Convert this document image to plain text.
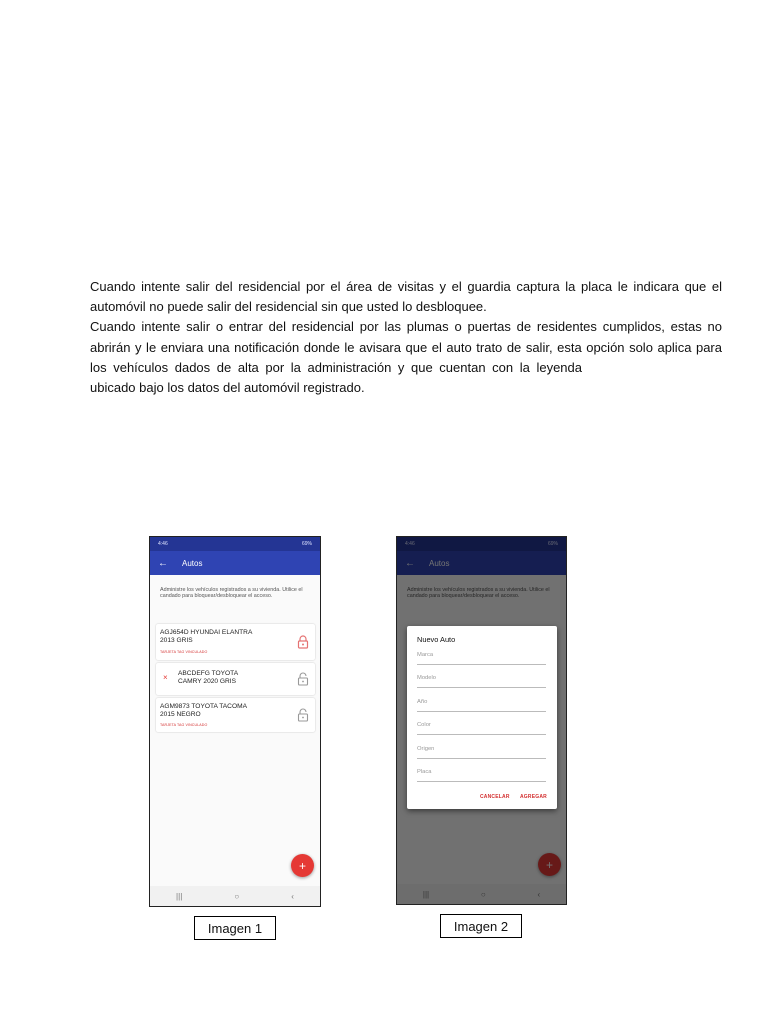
Cuando intente salir del residencial por el área de visitas y el guardia captura la placa le indicara que el automóvil no puede salir del residencial sin que usted lo desbloquee.

Cuando intente salir o entrar del residencial por las plumas o puertas de residentes cumplidos, estas no abrirán y le enviara una notificación donde le avisara que el auto trato de salir, esta opción solo aplica para los vehículos dados de alta por la administración y que cuentan con la leyendaubicado bajo los datos del automóvil registrado.

4:46	69%
← Autos
Administre los vehículos registrados a su vivienda. Utilice el candado para bloquear/desbloquear el acceso.
AGJ654D HYUNDAI ELANTRA
2013 GRIS
TARJETA TAG VINCULADO
× ABCDEFG TOYOTA
CAMRY 2020 GRIS
AGM9873 TOYOTA TACOMA
2015 NEGRO
TARJETA TAG VINCULADO
+
|||	○	‹
Nuevo Auto
Marca
Modelo
Año
Color
Origen
Placa
CANCELAR AGREGAR
Imagen 1	Imagen 2
